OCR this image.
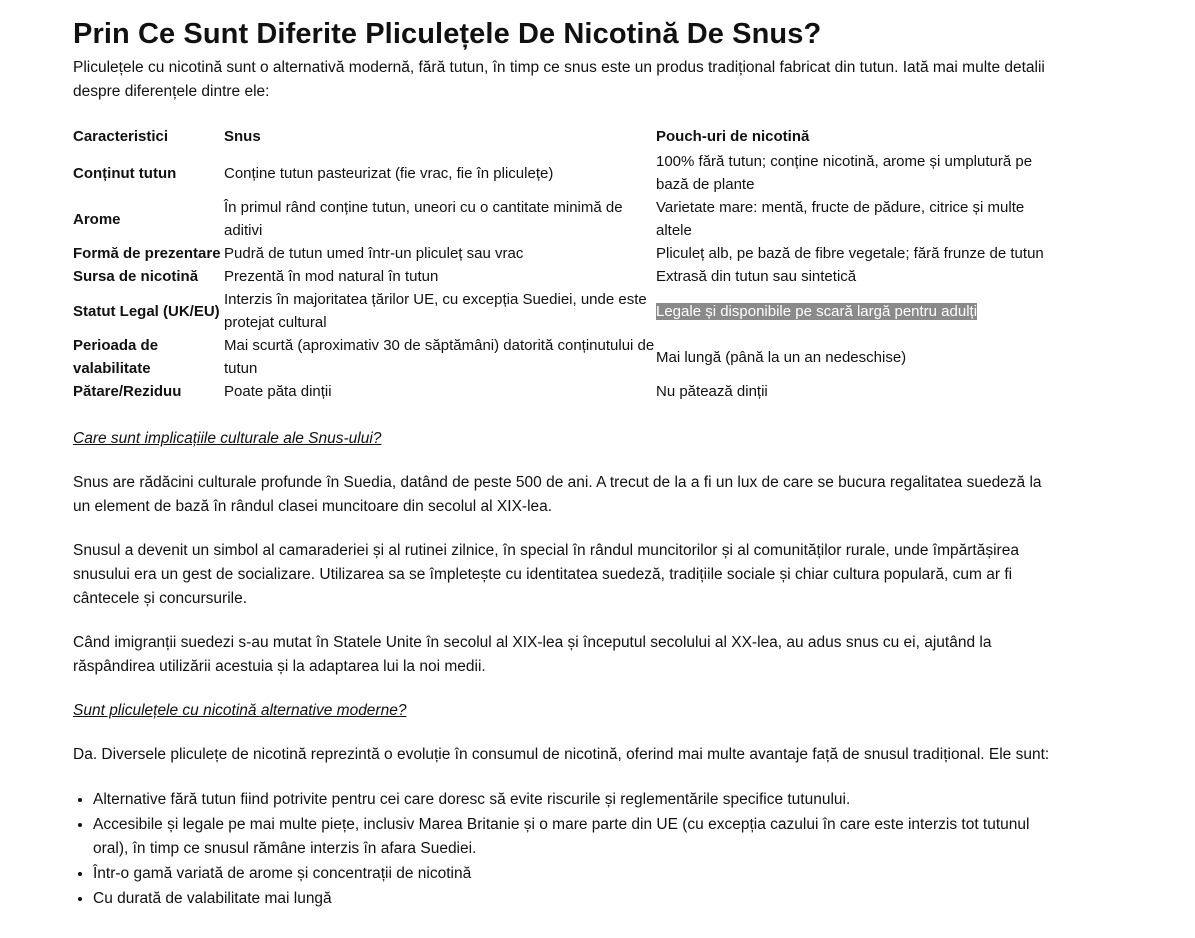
Prin Ce Sunt Diferite Pliculețele De Nicotină De Snus?

Pliculețele cu nicotină sunt o alternativă modernă, fără tutun, în timp ce snus este un produs tradițional fabricat din tutun. Iată mai multe detalii despre diferențele dintre ele:

Caracteristici	Snus	Pouch-uri de nicotină
Conținut tutun	Conține tutun pasteurizat (fie vrac, fie în pliculețe)	100% fără tutun; conține nicotină, arome și umplutură pe bază de plante
Arome	În primul rând conține tutun, uneori cu o cantitate minimă de aditivi	Varietate mare: mentă, fructe de pădure, citrice și multe altele
Formă de prezentare	Pudră de tutun umed într-un pliculeț sau vrac	Pliculeț alb, pe bază de fibre vegetale; fără frunze de tutun
Sursa de nicotină	Prezentă în mod natural în tutun	Extrasă din tutun sau sintetică
Statut Legal (UK/EU)	Interzis în majoritatea țărilor UE, cu excepția Suediei, unde este protejat cultural	Legale și disponibile pe scară largă pentru adulți
Perioada de valabilitate	Mai scurtă (aproximativ 30 de săptămâni) datorită conținutului de tutun	Mai lungă (până la un an nedeschise)
Pătare/Reziduu	Poate păta dinții	Nu pătează dinții

Care sunt implicațiile culturale ale Snus-ului?

Snus are rădăcini culturale profunde în Suedia, datând de peste 500 de ani. A trecut de la a fi un lux de care se bucura regalitatea suedeză la un element de bază în rândul clasei muncitoare din secolul al XIX-lea.

Snusul a devenit un simbol al camaraderiei și al rutinei zilnice, în special în rândul muncitorilor și al comunităților rurale, unde împărtășirea snusului era un gest de socializare. Utilizarea sa se împletește cu identitatea suedeză, tradițiile sociale și chiar cultura populară, cum ar fi cântecele și concursurile.

Când imigranții suedezi s-au mutat în Statele Unite în secolul al XIX-lea și începutul secolului al XX-lea, au adus snus cu ei, ajutând la răspândirea utilizării acestuia și la adaptarea lui la noi medii.

Sunt pliculețele cu nicotină alternative moderne?

Da. Diversele pliculețe de nicotină reprezintă o evoluție în consumul de nicotină, oferind mai multe avantaje față de snusul tradițional. Ele sunt:

• Alternative fără tutun fiind potrivite pentru cei care doresc să evite riscurile și reglementările specifice tutunului.
• Accesibile și legale pe mai multe piețe, inclusiv Marea Britanie și o mare parte din UE (cu excepția cazului în care este interzis tot tutunul oral), în timp ce snusul rămâne interzis în afara Suediei.
• Într-o gamă variată de arome și concentrații de nicotină
• Cu durată de valabilitate mai lungă
